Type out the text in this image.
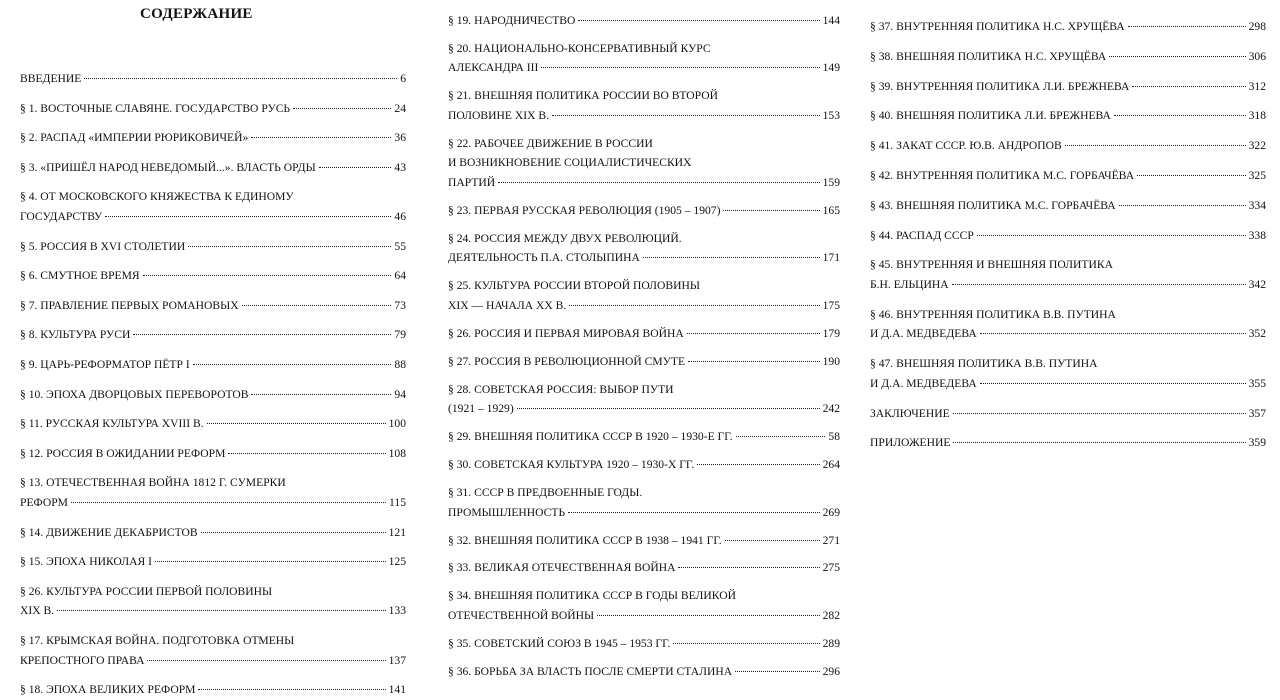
СОДЕРЖАНИЕ
ВВЕДЕНИЕ	6
§ 1. ВОСТОЧНЫЕ СЛАВЯНЕ. ГОСУДАРСТВО РУСЬ	24
§ 2. РАСПАД «ИМПЕРИИ РЮРИКОВИЧЕЙ»	36
§ 3. «ПРИШЁЛ НАРОД НЕВЕДОМЫЙ...». ВЛАСТЬ ОРДЫ	43
§ 4. ОТ МОСКОВСКОГО КНЯЖЕСТВА К ЕДИНОМУ
ГОСУДАРСТВУ	46
§ 5. РОССИЯ В XVI СТОЛЕТИИ	55
§ 6. СМУТНОЕ ВРЕМЯ	64
§ 7. ПРАВЛЕНИЕ ПЕРВЫХ РОМАНОВЫХ	73
§ 8. КУЛЬТУРА РУСИ	79
§ 9. ЦАРЬ-РЕФОРМАТОР ПЁТР I	88
§ 10. ЭПОХА ДВОРЦОВЫХ ПЕРЕВОРОТОВ	94
§ 11. РУССКАЯ КУЛЬТУРА XVIII В.	100
§ 12. РОССИЯ В ОЖИДАНИИ РЕФОРМ	108
§ 13. ОТЕЧЕСТВЕННАЯ ВОЙНА 1812 Г. СУМЕРКИ
РЕФОРМ	115
§ 14. ДВИЖЕНИЕ ДЕКАБРИСТОВ	121
§ 15. ЭПОХА НИКОЛАЯ I	125
§ 26. КУЛЬТУРА РОССИИ ПЕРВОЙ ПОЛОВИНЫ
XIX В.	133
§ 17. КРЫМСКАЯ ВОЙНА. ПОДГОТОВКА ОТМЕНЫ
КРЕПОСТНОГО ПРАВА	137
§ 18. ЭПОХА ВЕЛИКИХ РЕФОРМ	141
§ 19. НАРОДНИЧЕСТВО	144
§ 20. НАЦИОНАЛЬНО-КОНСЕРВАТИВНЫЙ КУРС
АЛЕКСАНДРА III	149
§ 21. ВНЕШНЯЯ ПОЛИТИКА РОССИИ ВО ВТОРОЙ
ПОЛОВИНЕ XIX В.	153
§ 22. РАБОЧЕЕ ДВИЖЕНИЕ В РОССИИ
И ВОЗНИКНОВЕНИЕ СОЦИАЛИСТИЧЕСКИХ
ПАРТИЙ	159
§ 23. ПЕРВАЯ РУССКАЯ РЕВОЛЮЦИЯ (1905 – 1907)	165
§ 24. РОССИЯ МЕЖДУ ДВУХ РЕВОЛЮЦИЙ.
ДЕЯТЕЛЬНОСТЬ П.А. СТОЛЫПИНА	171
§ 25. КУЛЬТУРА РОССИИ ВТОРОЙ ПОЛОВИНЫ
XIX — НАЧАЛА XX В.	175
§ 26. РОССИЯ И ПЕРВАЯ МИРОВАЯ ВОЙНА	179
§ 27. РОССИЯ В РЕВОЛЮЦИОННОЙ СМУТЕ	190
§ 28. СОВЕТСКАЯ РОССИЯ: ВЫБОР ПУТИ
(1921 – 1929)	242
§ 29. ВНЕШНЯЯ ПОЛИТИКА СССР В 1920 – 1930-Е ГГ.	58
§ 30. СОВЕТСКАЯ КУЛЬТУРА 1920 – 1930-Х ГГ.	264
§ 31. СССР В ПРЕДВОЕННЫЕ ГОДЫ.
ПРОМЫШЛЕННОСТЬ	269
§ 32. ВНЕШНЯЯ ПОЛИТИКА СССР В 1938 – 1941 ГГ.	271
§ 33. ВЕЛИКАЯ ОТЕЧЕСТВЕННАЯ ВОЙНА	275
§ 34. ВНЕШНЯЯ ПОЛИТИКА СССР В ГОДЫ ВЕЛИКОЙ
ОТЕЧЕСТВЕННОЙ ВОЙНЫ	282
§ 35. СОВЕТСКИЙ СОЮЗ В 1945 – 1953 ГГ.	289
§ 36. БОРЬБА ЗА ВЛАСТЬ ПОСЛЕ СМЕРТИ СТАЛИНА	296
§ 37. ВНУТРЕННЯЯ ПОЛИТИКА Н.С. ХРУЩЁВА	298
§ 38. ВНЕШНЯЯ ПОЛИТИКА Н.С. ХРУЩЁВА	306
§ 39. ВНУТРЕННЯЯ ПОЛИТИКА Л.И. БРЕЖНЕВА	312
§ 40. ВНЕШНЯЯ ПОЛИТИКА Л.И. БРЕЖНЕВА	318
§ 41. ЗАКАТ СССР. Ю.В. АНДРОПОВ	322
§ 42. ВНУТРЕННЯЯ ПОЛИТИКА М.С. ГОРБАЧЁВА	325
§ 43. ВНЕШНЯЯ ПОЛИТИКА М.С. ГОРБАЧЁВА	334
§ 44. РАСПАД СССР	338
§ 45. ВНУТРЕННЯЯ И ВНЕШНЯЯ ПОЛИТИКА
Б.Н. ЕЛЬЦИНА	342
§ 46. ВНУТРЕННЯЯ ПОЛИТИКА В.В. ПУТИНА
И Д.А. МЕДВЕДЕВА	352
§ 47. ВНЕШНЯЯ ПОЛИТИКА В.В. ПУТИНА
И Д.А. МЕДВЕДЕВА	355
ЗАКЛЮЧЕНИЕ	357
ПРИЛОЖЕНИЕ	359
